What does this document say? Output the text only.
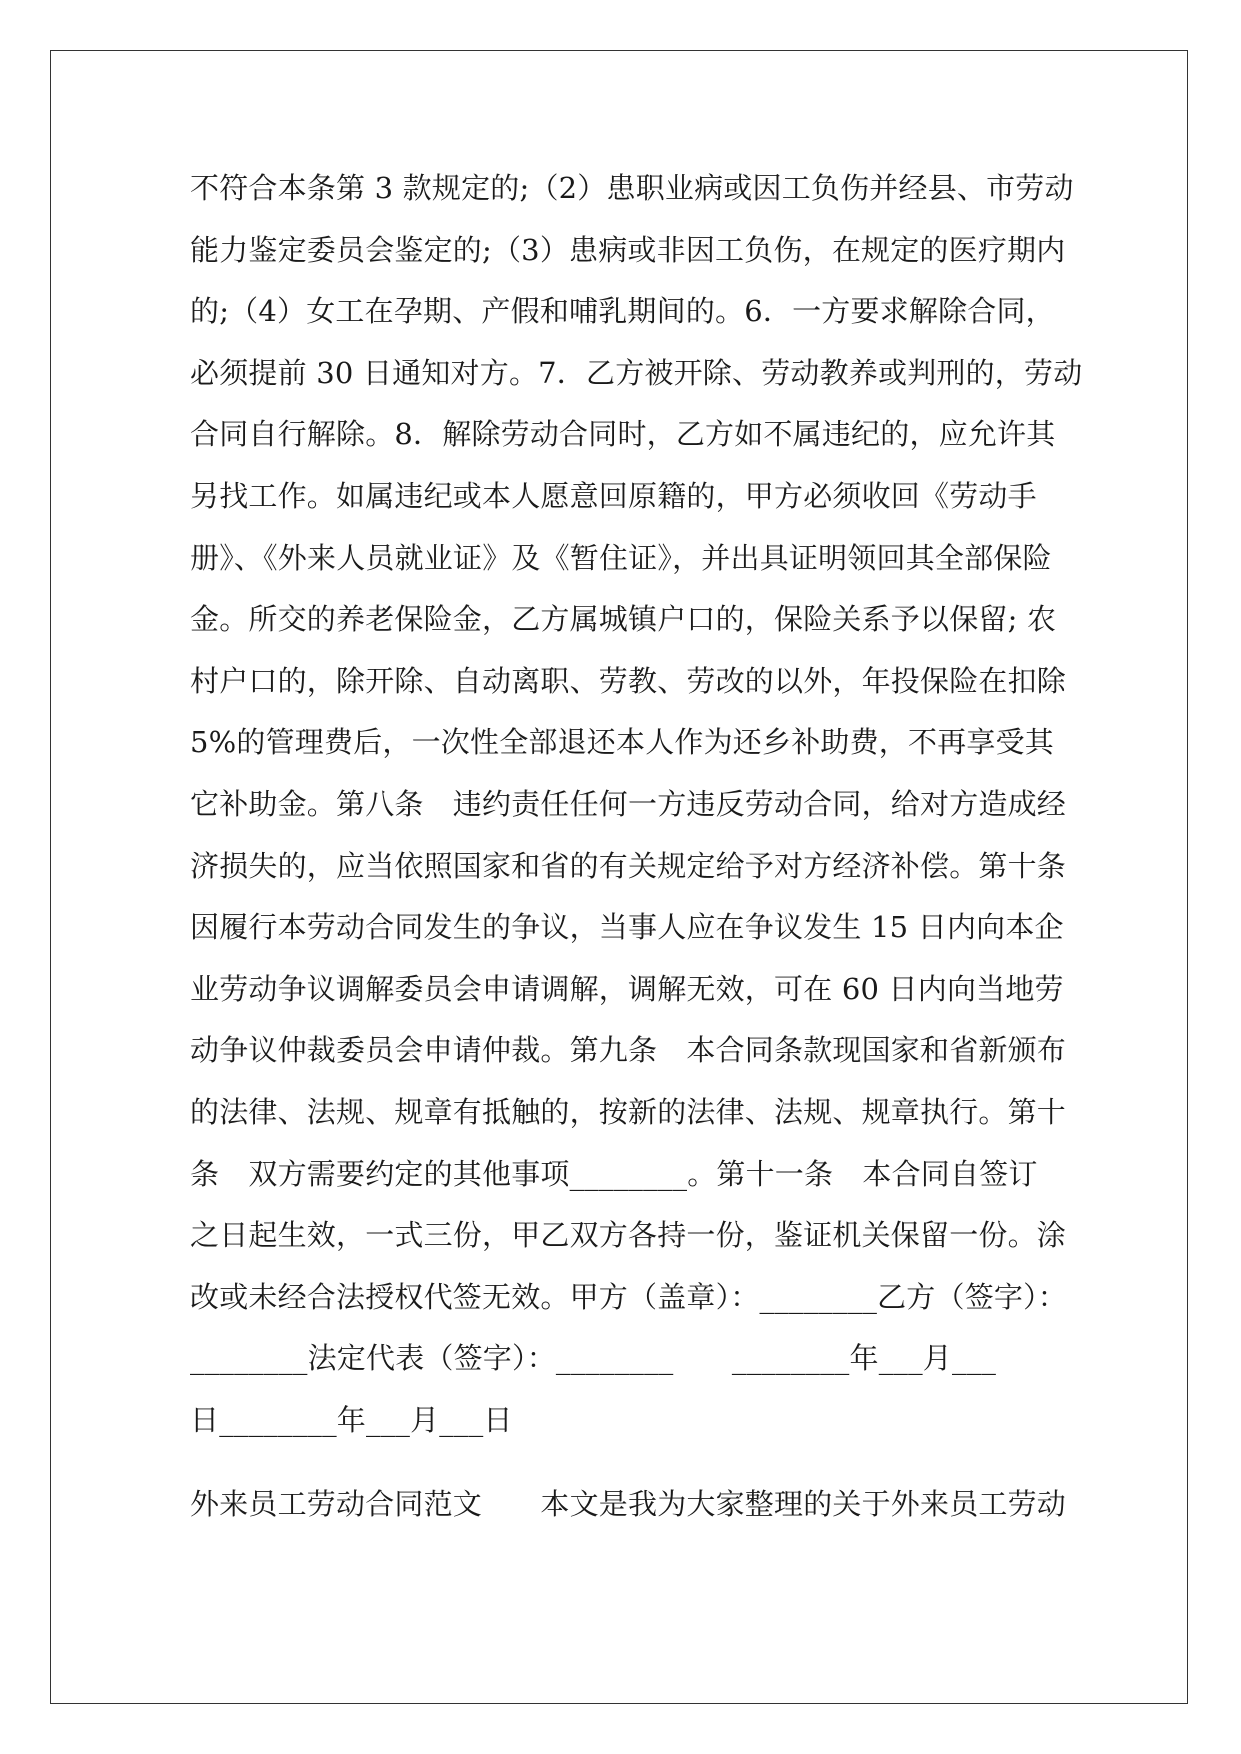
不符合本条第 3 款规定的;（2）患职业病或因工负伤并经县、市劳动
能力鉴定委员会鉴定的;（3）患病或非因工负伤，在规定的医疗期内
的;（4）女工在孕期、产假和哺乳期间的。6．一方要求解除合同，
必须提前 30 日通知对方。7．乙方被开除、劳动教养或判刑的，劳动
合同自行解除。8．解除劳动合同时，乙方如不属违纪的，应允许其
另找工作。如属违纪或本人愿意回原籍的，甲方必须收回《劳动手
册》、《外来人员就业证》及《暂住证》，并出具证明领回其全部保险
金。所交的养老保险金，乙方属城镇户口的，保险关系予以保留; 农
村户口的，除开除、自动离职、劳教、劳改的以外，年投保险在扣除
5%的管理费后，一次性全部退还本人作为还乡补助费，不再享受其
它补助金。第八条　违约责任任何一方违反劳动合同，给对方造成经
济损失的，应当依照国家和省的有关规定给予对方经济补偿。第十条
因履行本劳动合同发生的争议，当事人应在争议发生 15 日内向本企
业劳动争议调解委员会申请调解，调解无效，可在 60 日内向当地劳
动争议仲裁委员会申请仲裁。第九条　本合同条款现国家和省新颁布
的法律、法规、规章有抵触的，按新的法律、法规、规章执行。第十
条　双方需要约定的其他事项________。第十一条　本合同自签订
之日起生效，一式三份，甲乙双方各持一份，鉴证机关保留一份。涂
改或未经合法授权代签无效。甲方（盖章）：________乙方（签字）：
________法定代表（签字）：________　　________年___月___
日________年___月___日
外来员工劳动合同范文　　本文是我为大家整理的关于外来员工劳动
